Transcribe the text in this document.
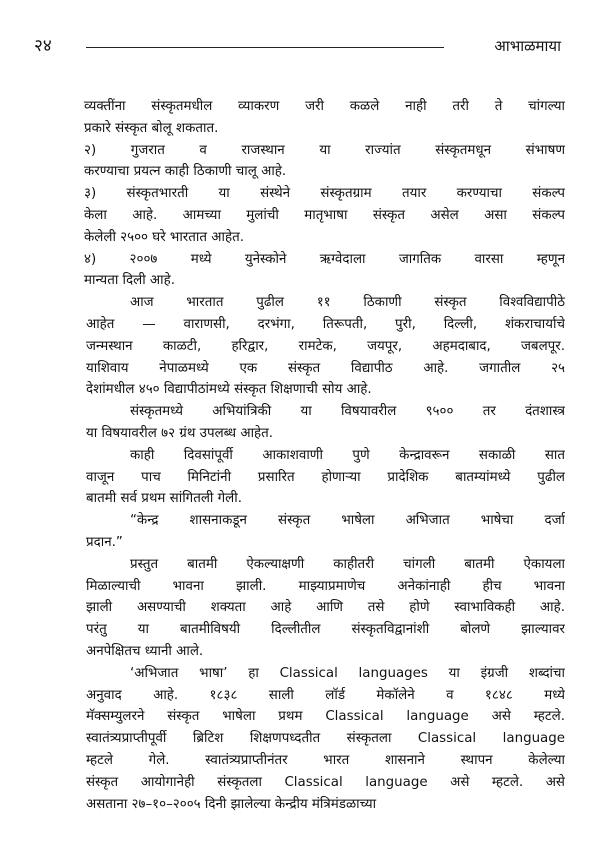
२४	आभाळमाया
व्यक्तींना संस्कृतमधील व्याकरण जरी कळले नाही तरी ते चांगल्या
प्रकारे संस्कृत बोलू शकतात.
२) गुजरात व राजस्थान या राज्यांत संस्कृतमधून संभाषण
करण्याचा प्रयत्न काही ठिकाणी चालू आहे.
३) संस्कृतभारती या संस्थेने संस्कृतग्राम तयार करण्याचा संकल्प
केला आहे. आमच्या मुलांची मातृभाषा संस्कृत असेल असा संकल्प
केलेली २५०० घरे भारतात आहेत.
४) २००७ मध्ये युनेस्कोने ऋग्वेदाला जागतिक वारसा म्हणून
मान्यता दिली आहे.
आज भारतात पुढील ११ ठिकाणी संस्कृत विश्वविद्यापीठे
आहेत — वाराणसी, दरभंगा, तिरूपती, पुरी, दिल्ली, शंकराचार्याचे
जन्मस्थान काळटी, हरिद्वार, रामटेक, जयपूर, अहमदाबाद, जबलपूर.
याशिवाय नेपाळमध्ये एक संस्कृत विद्यापीठ आहे. जगातील २५
देशांमधील ४५० विद्यापीठांमध्ये संस्कृत शिक्षणाची सोय आहे.
संस्कृतमध्ये अभियांत्रिकी या विषयावरील ९५०० तर दंतशास्त्र
या विषयावरील ७२ ग्रंथ उपलब्ध आहेत.
काही दिवसांपूर्वी आकाशवाणी पुणे केन्द्रावरून सकाळी सात
वाजून पाच मिनिटांनी प्रसारित होणाऱ्या प्रादेशिक बातम्यांमध्ये पुढील
बातमी सर्व प्रथम सांगितली गेली.
“केन्द्र शासनाकडून संस्कृत भाषेला अभिजात भाषेचा दर्जा
प्रदान.”
प्रस्तुत बातमी ऐकल्याक्षणी काहीतरी चांगली बातमी ऐकायला
मिळाल्याची भावना झाली. माझ्याप्रमाणेच अनेकांनाही हीच भावना
झाली असण्याची शक्यता आहे आणि तसे होणे स्वाभाविकही आहे.
परंतु या बातमीविषयी दिल्लीतील संस्कृतविद्वानांशी बोलणे झाल्यावर
अनपेक्षितच ध्यानी आले.
‘अभिजात भाषा’ हा Classical languages या इंग्रजी शब्दांचा
अनुवाद आहे. १८३८ साली लॉर्ड मेकॉलेने व १८४८ मध्ये
मॅक्सम्युलरने संस्कृत भाषेला प्रथम Classical language असे म्हटले.
स्वातंत्र्यप्राप्तीपूर्वी ब्रिटिश शिक्षणपध्दतीत संस्कृतला Classical language
म्हटले गेले. स्वातंत्र्यप्राप्तीनंतर भारत शासनाने स्थापन केलेल्या
संस्कृत आयोगानेही संस्कृतला Classical language असे म्हटले. असे
असताना २७–१०–२००५ दिनी झालेल्या केन्द्रीय मंत्रिमंडळाच्या
